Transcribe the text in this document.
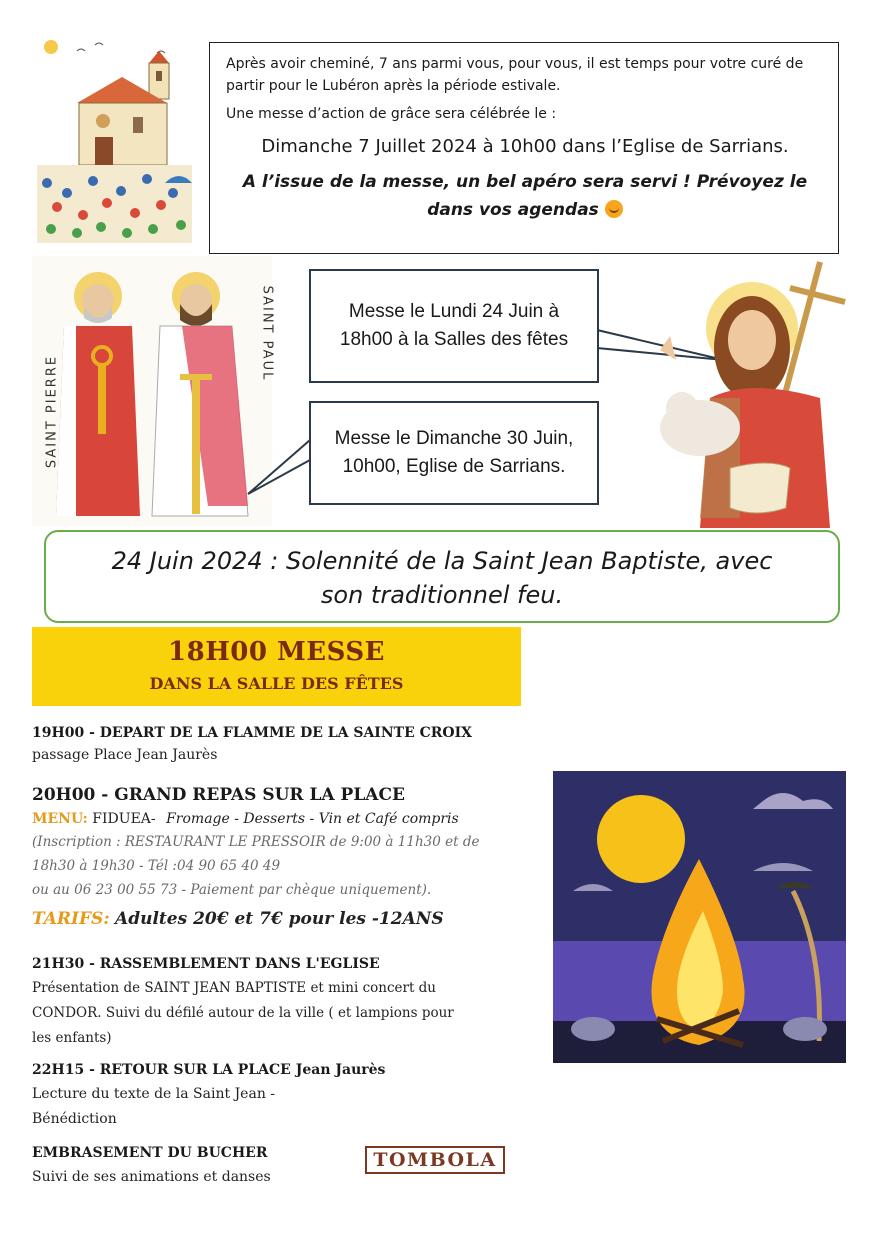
Après avoir cheminé, 7 ans parmi vous, pour vous, il est temps pour votre curé de partir pour le Lubéron après la période estivale.

Une messe d’action de grâce sera célébrée le :

Dimanche 7 Juillet 2024 à 10h00 dans l’Eglise de Sarrians.

A l’issue de la messe, un bel apéro sera servi ! Prévoyez le dans vos agendas

SAINT PIERRE
SAINT PAUL	Messe le Lundi 24 Juin à 18h00 à la Salles des fêtes
Messe le Dimanche 30 Juin, 10h00, Eglise de Sarrians.
24 Juin 2024 : Solennité de la Saint Jean Baptiste, avec son traditionnel feu.
18H00 MESSE
DANS LA SALLE DES FÊTES
19H00 - DEPART DE LA FLAMME DE LA SAINTE CROIX
passage Place Jean Jaurès
20H00 - GRAND REPAS SUR LA PLACE
MENU: FIDUEA- Fromage - Desserts - Vin et Café compris
(Inscription : RESTAURANT LE PRESSOIR de 9:00 à 11h30 et de
18h30 à 19h30 - Tél :04 90 65 40 49
ou au 06 23 00 55 73 - Paiement par chèque uniquement).
TARIFS: Adultes 20€ et 7€ pour les -12ANS
21H30 - RASSEMBLEMENT DANS L'EGLISE
Présentation de SAINT JEAN BAPTISTE et mini concert du
CONDOR. Suivi du défilé autour de la ville ( et lampions pour
les enfants)
22H15 - RETOUR SUR LA PLACE Jean Jaurès
Lecture du texte de la Saint Jean -
Bénédiction
EMBRASEMENT DU BUCHER
Suivi de ses animations et danses
TOMBOLA
